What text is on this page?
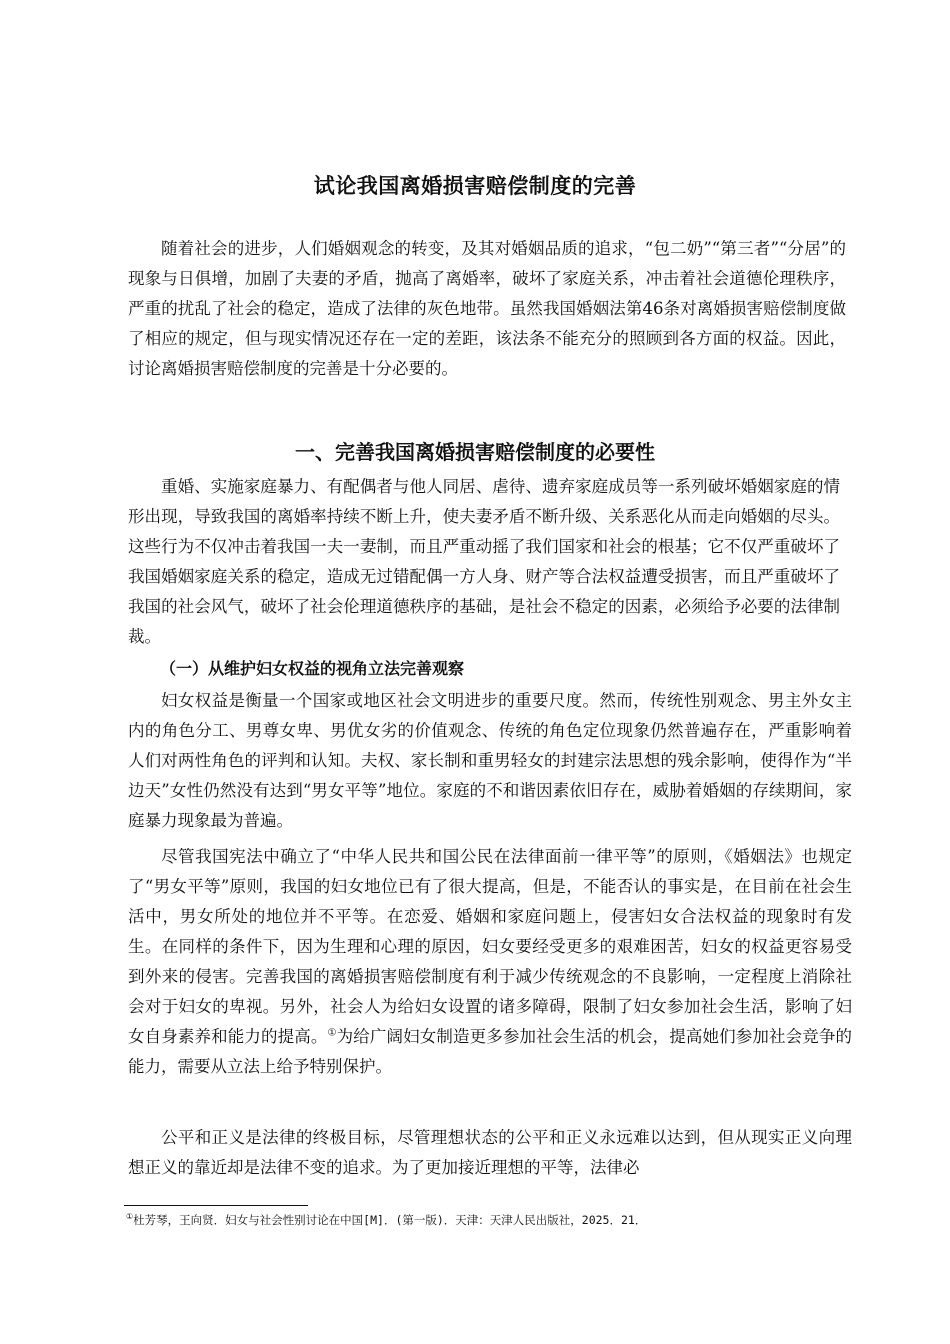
试论我国离婚损害赔偿制度的完善

随着社会的进步，人们婚姻观念的转变，及其对婚姻品质的追求，“包二奶”“第三者”“分居”的现象与日俱增，加剧了夫妻的矛盾，抛高了离婚率，破坏了家庭关系，冲击着社会道德伦理秩序，严重的扰乱了社会的稳定，造成了法律的灰色地带。虽然我国婚姻法第46条对离婚损害赔偿制度做了相应的规定，但与现实情况还存在一定的差距，该法条不能充分的照顾到各方面的权益。因此，讨论离婚损害赔偿制度的完善是十分必要的。

一、完善我国离婚损害赔偿制度的必要性

重婚、实施家庭暴力、有配偶者与他人同居、虐待、遗弃家庭成员等一系列破坏婚姻家庭的情形出现，导致我国的离婚率持续不断上升，使夫妻矛盾不断升级、关系恶化从而走向婚姻的尽头。这些行为不仅冲击着我国一夫一妻制，而且严重动摇了我们国家和社会的根基；它不仅严重破坏了我国婚姻家庭关系的稳定，造成无过错配偶一方人身、财产等合法权益遭受损害，而且严重破坏了我国的社会风气，破坏了社会伦理道德秩序的基础，是社会不稳定的因素，必须给予必要的法律制裁。

（一）从维护妇女权益的视角立法完善观察

妇女权益是衡量一个国家或地区社会文明进步的重要尺度。然而，传统性别观念、男主外女主内的角色分工、男尊女卑、男优女劣的价值观念、传统的角色定位现象仍然普遍存在，严重影响着人们对两性角色的评判和认知。夫权、家长制和重男轻女的封建宗法思想的残余影响，使得作为“半边天”女性仍然没有达到“男女平等”地位。家庭的不和谐因素依旧存在，威胁着婚姻的存续期间，家庭暴力现象最为普遍。

尽管我国宪法中确立了“中华人民共和国公民在法律面前一律平等”的原则，《婚姻法》也规定了“男女平等”原则，我国的妇女地位已有了很大提高，但是，不能否认的事实是，在目前在社会生活中，男女所处的地位并不平等。在恋爱、婚姻和家庭问题上，侵害妇女合法权益的现象时有发生。在同样的条件下，因为生理和心理的原因，妇女要经受更多的艰难困苦，妇女的权益更容易受到外来的侵害。完善我国的离婚损害赔偿制度有利于减少传统观念的不良影响，一定程度上消除社会对于妇女的卑视。另外，社会人为给妇女设置的诸多障碍，限制了妇女参加社会生活，影响了妇女自身素养和能力的提高。①为给广阔妇女制造更多参加社会生活的机会，提高她们参加社会竞争的能力，需要从立法上给予特别保护。

公平和正义是法律的终极目标，尽管理想状态的公平和正义永远难以达到，但从现实正义向理想正义的靠近却是法律不变的追求。为了更加接近理想的平等，法律必

①杜芳琴，王向贤．妇女与社会性别讨论在中国[M]．(第一版)．天津：天津人民出版社，2025．21．
